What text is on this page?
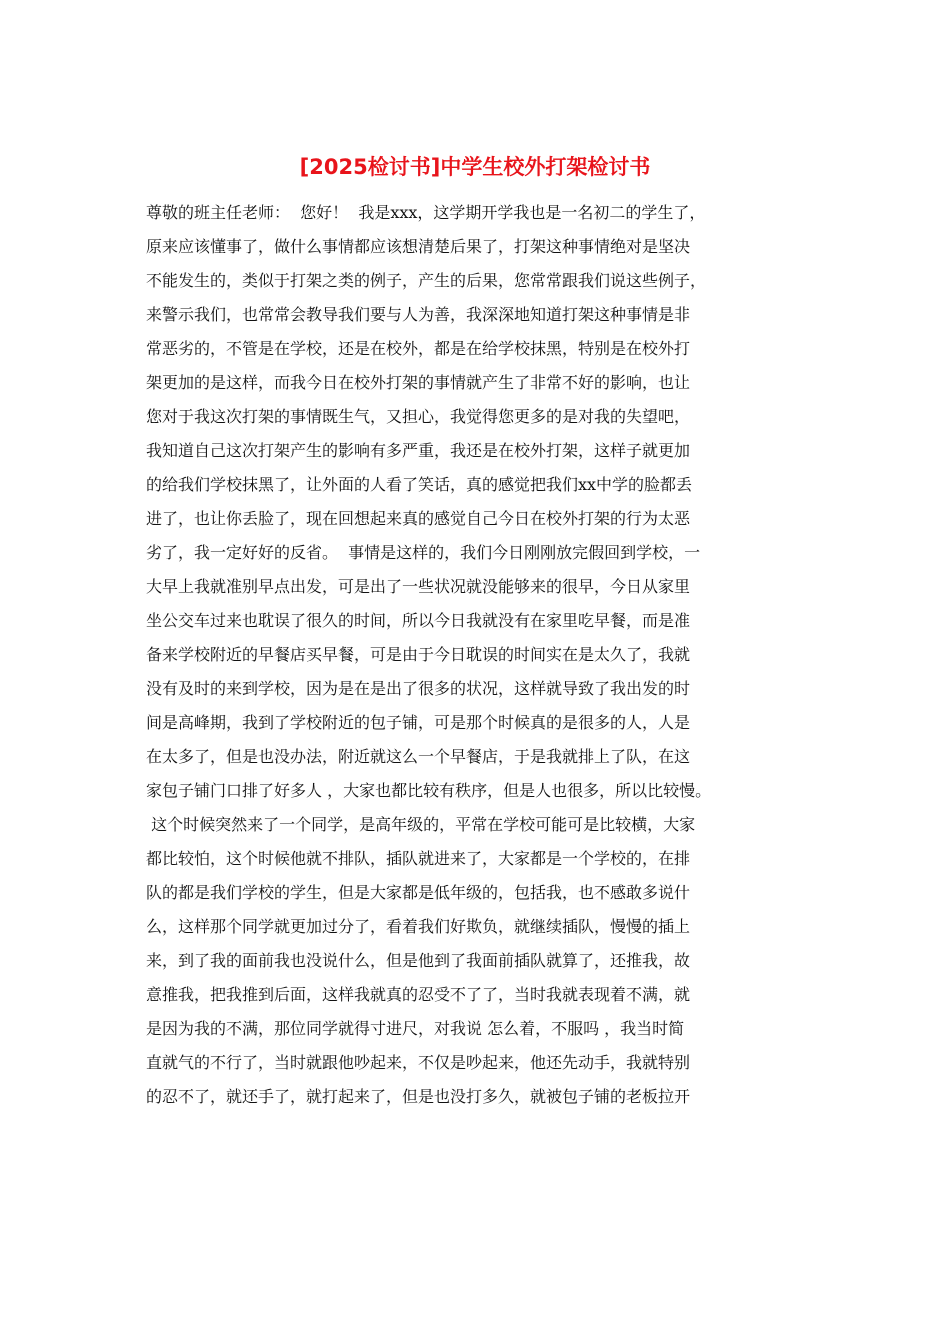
[2025检讨书]中学生校外打架检讨书
尊敬的班主任老师：  您好！  我是xxx，这学期开学我也是一名初二的学生了，
原来应该懂事了，做什么事情都应该想清楚后果了，打架这种事情绝对是坚决
不能发生的，类似于打架之类的例子，产生的后果，您常常跟我们说这些例子，
来警示我们，也常常会教导我们要与人为善，我深深地知道打架这种事情是非
常恶劣的，不管是在学校，还是在校外，都是在给学校抹黑，特别是在校外打
架更加的是这样，而我今日在校外打架的事情就产生了非常不好的影响，也让
您对于我这次打架的事情既生气，又担心，我觉得您更多的是对我的失望吧，
我知道自己这次打架产生的影响有多严重，我还是在校外打架，这样子就更加
的给我们学校抹黑了，让外面的人看了笑话，真的感觉把我们xx中学的脸都丢
进了，也让你丢脸了，现在回想起来真的感觉自己今日在校外打架的行为太恶
劣了，我一定好好的反省。  事情是这样的，我们今日刚刚放完假回到学校，一
大早上我就准别早点出发，可是出了一些状况就没能够来的很早，今日从家里
坐公交车过来也耽误了很久的时间，所以今日我就没有在家里吃早餐，而是准
备来学校附近的早餐店买早餐，可是由于今日耽误的时间实在是太久了，我就
没有及时的来到学校，因为是在是出了很多的状况，这样就导致了我出发的时
间是高峰期，我到了学校附近的包子铺，可是那个时候真的是很多的人，人是
在太多了，但是也没办法，附近就这么一个早餐店，于是我就排上了队，在这
家包子铺门口排了好多人 ，大家也都比较有秩序，但是人也很多，所以比较慢。
这个时候突然来了一个同学，是高年级的，平常在学校可能可是比较横，大家
都比较怕，这个时候他就不排队，插队就进来了，大家都是一个学校的，在排
队的都是我们学校的学生，但是大家都是低年级的，包括我，也不感敢多说什
么，这样那个同学就更加过分了，看着我们好欺负，就继续插队，慢慢的插上
来，到了我的面前我也没说什么，但是他到了我面前插队就算了，还推我，故
意推我，把我推到后面，这样我就真的忍受不了了，当时我就表现着不满，就
是因为我的不满，那位同学就得寸进尺，对我说 怎么着，不服吗 ，我当时简
直就气的不行了，当时就跟他吵起来，不仅是吵起来，他还先动手，我就特别
的忍不了，就还手了，就打起来了，但是也没打多久，就被包子铺的老板拉开
